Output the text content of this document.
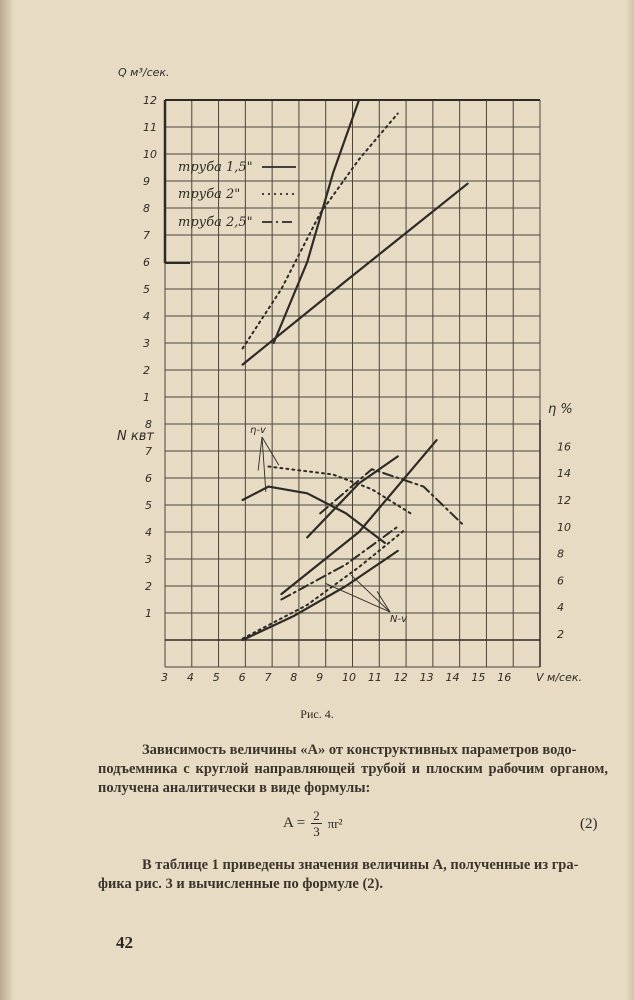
3 4 5 6 7 8 9 10 11 12 13 14 15 16 V м/сек.
1
2
3
4
5
6
7
8
9
10
11
12
Q м³/сек.
1
2
3
4
5
6
7
8
N квт
2
4
6
8
10
12
14
16
η %
труба 1,5"
труба 2"
труба 2,5"
N-v
η-v
Рис. 4.
Зависимость величины «А» от конструктивных параметров водо-
подъемника с круглой направляющей трубой и плоским рабочим органом, получена аналитически в виде формулы:
$A = \frac{2}{3} \pi r^2$	(2)
В таблице 1 приведены значения величины А, полученные из гра-
фика рис. 3 и вычисленные по формуле (2).
42
